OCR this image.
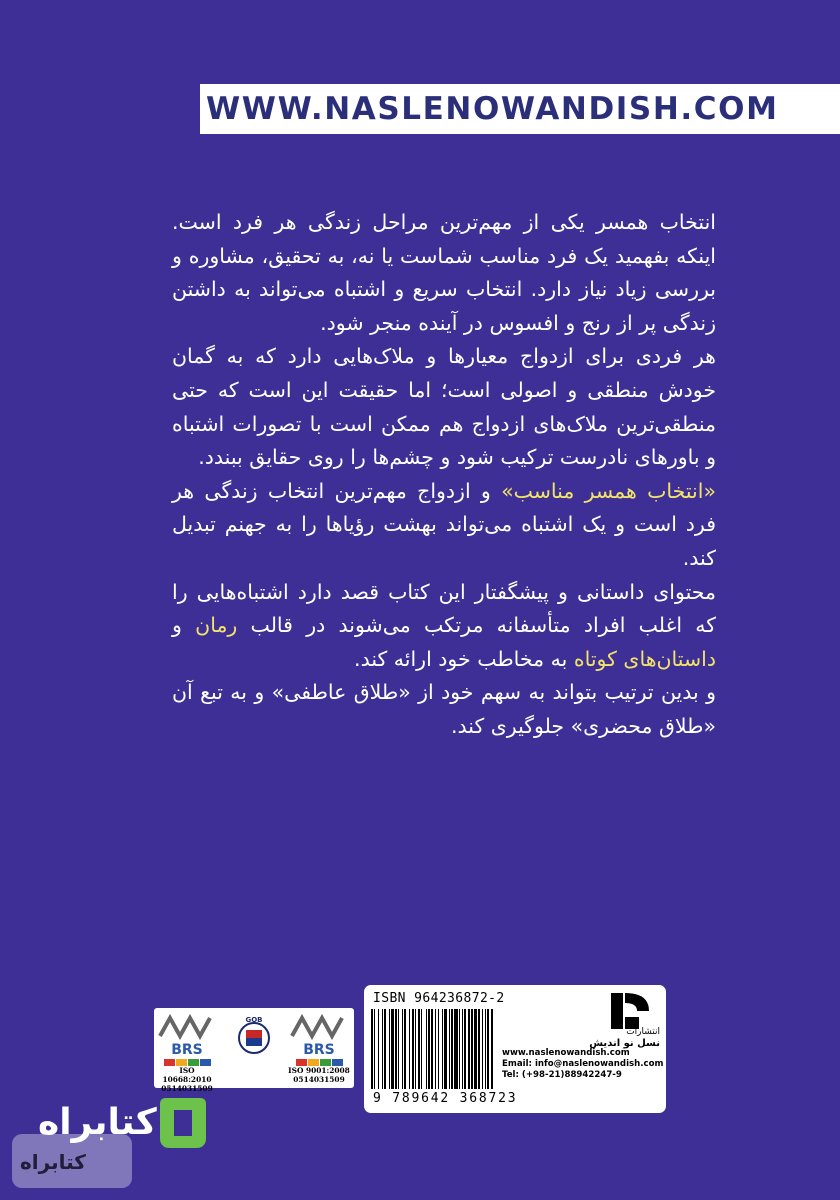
WWW.NASLENOWANDISH.COM

انتخاب همسر یکی از مهم‌ترین مراحل زندگی هر فرد است. اینکه بفهمید یک فرد مناسب شماست یا نه، به تحقیق، مشاوره و بررسی زیاد نیاز دارد. انتخاب سریع و اشتباه می‌تواند به داشتن زندگی پر از رنج و افسوس در آینده منجر شود.

هر فردی برای ازدواج معیارها و ملاک‌هایی دارد که به گمان خودش منطقی و اصولی است؛ اما حقیقت این است که حتی منطقی‌ترین ملاک‌های ازدواج هم ممکن است با تصورات اشتباه و باورهای نادرست ترکیب شود و چشم‌ها را روی حقایق ببندد.

«انتخاب همسر مناسب» و ازدواج مهم‌ترین انتخاب زندگی هر فرد است و یک اشتباه می‌تواند بهشت رؤیاها را به جهنم تبدیل کند.

محتوای داستانی و پیشگفتار این کتاب قصد دارد اشتباه‌هایی را که اغلب افراد متأسفانه مرتکب می‌شوند در قالب رمان و داستان‌های کوتاه به مخاطب خود ارائه کند.

و بدین ترتیب بتواند به سهم خود از «طلاق عاطفی» و به تبع آن «طلاق محضری» جلوگیری کند.

BRS
ISO 10668:2010
0514031509
GOB
BRS
ISO 9001:2008
0514031509
ISBN 964236872-2
9 789642 368723
انتشارات
نسل نو اندیش
www.naslenowandish.com
Email: info@naslenowandish.com
Tel: (+98-21)88942247-9
کتابراه
کتابراه
